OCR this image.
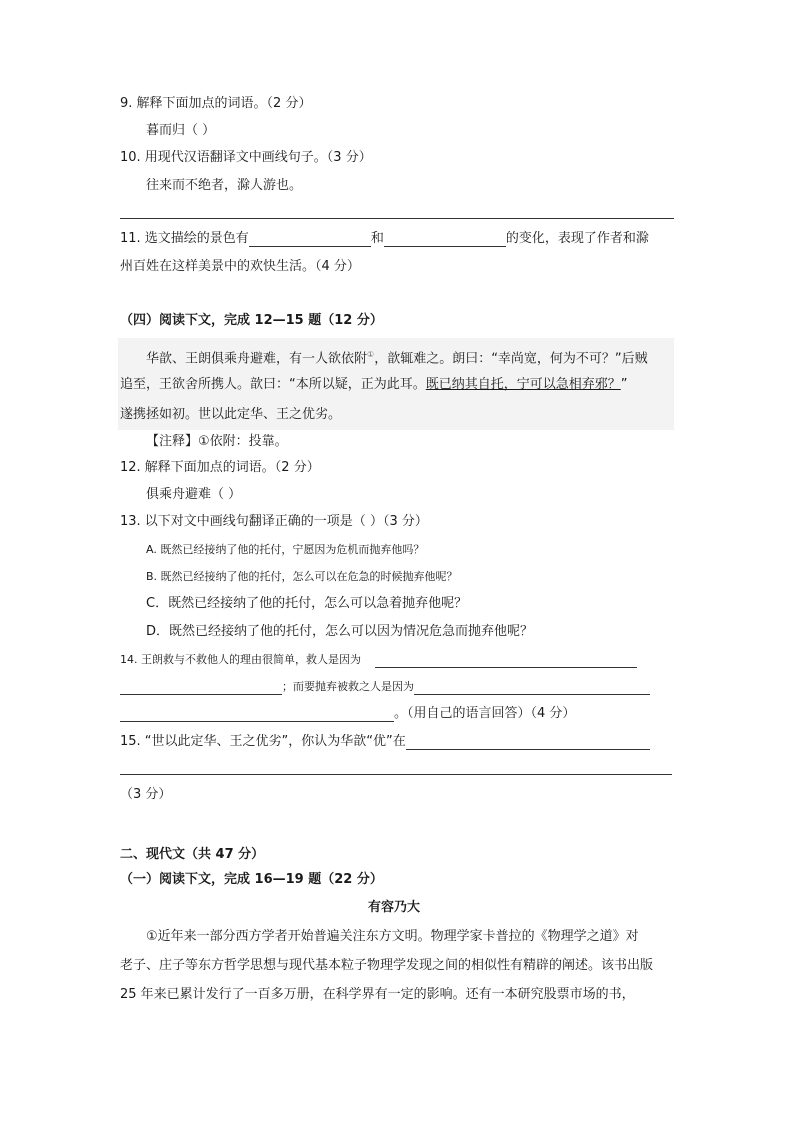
9. 解释下面加点的词语。（2 分）
暮而归（ ）
10. 用现代汉语翻译文中画线句子。（3 分）
往来而不绝者，滁人游也。
11. 选文描绘的景色有	和	的变化，表现了作者和滁
州百姓在这样美景中的欢快生活。（4 分）
（四）阅读下文，完成 12—15 题（12 分）
华歆、王朗俱乘舟避难，有一人欲依附①，歆辄难之。朗曰：“幸尚宽，何为不可？”后贼
追至，王欲舍所携人。歆曰：“本所以疑，正为此耳。既已纳其自托，宁可以急相弃邪？”
遂携拯如初。世以此定华、王之优劣。
【注释】①依附：投靠。
12. 解释下面加点的词语。（2 分）
俱乘舟避难（ ）
13. 以下对文中画线句翻译正确的一项是（ ）（3 分）
A. 既然已经接纳了他的托付，宁愿因为危机而抛弃他吗？
B. 既然已经接纳了他的托付，怎么可以在危急的时候抛弃他呢？
C．既然已经接纳了他的托付，怎么可以急着抛弃他呢？
D．既然已经接纳了他的托付，怎么可以因为情况危急而抛弃他呢？
14. 王朗救与不救他人的理由很简单，救人是因为
；而要抛弃被救之人是因为
。（用自己的语言回答）（4 分）
15. “世以此定华、王之优劣”，你认为华歆“优”在
（3 分）
二、现代文（共 47 分）
（一）阅读下文，完成 16—19 题（22 分）
有容乃大
①近年来一部分西方学者开始普遍关注东方文明。物理学家卡普拉的《物理学之道》对
老子、庄子等东方哲学思想与现代基本粒子物理学发现之间的相似性有精辟的阐述。该书出版
25 年来已累计发行了一百多万册，在科学界有一定的影响。还有一本研究股票市场的书，
